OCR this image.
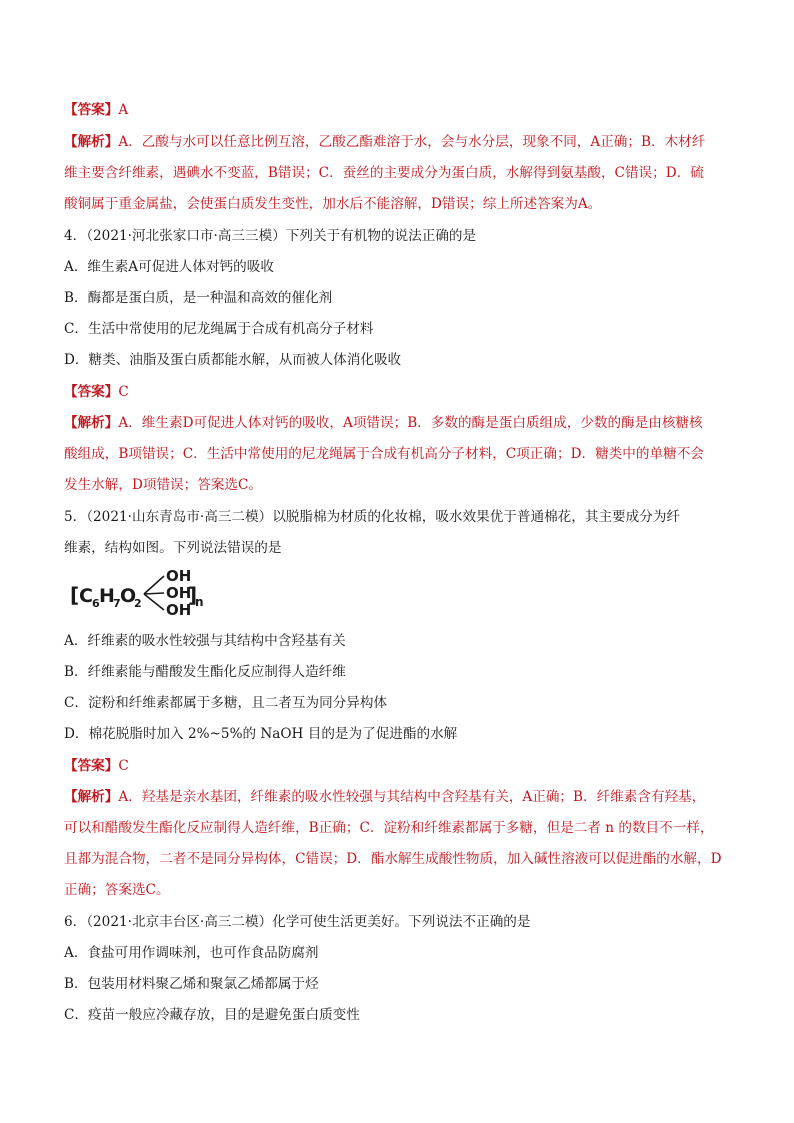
【答案】A
【解析】A．乙酸与水可以任意比例互溶，乙酸乙酯难溶于水，会与水分层，现象不同，A正确；B．木材纤
维主要含纤维素，遇碘水不变蓝，B错误；C．蚕丝的主要成分为蛋白质，水解得到氨基酸，C错误；D．硫
酸铜属于重金属盐，会使蛋白质发生变性，加水后不能溶解，D错误；综上所述答案为A。
4．（2021·河北张家口市·高三三模）下列关于有机物的说法正确的是
A．维生素A可促进人体对钙的吸收
B．酶都是蛋白质，是一种温和高效的催化剂
C．生活中常使用的尼龙绳属于合成有机高分子材料
D．糖类、油脂及蛋白质都能水解，从而被人体消化吸收
【答案】C
【解析】A．维生素D可促进人体对钙的吸收，A项错误；B．多数的酶是蛋白质组成，少数的酶是由核糖核
酸组成，B项错误；C．生活中常使用的尼龙绳属于合成有机高分子材料，C项正确；D．糖类中的单糖不会
发生水解，D项错误；答案选C。
5．（2021·山东青岛市·高三二模）以脱脂棉为材质的化妆棉，吸水效果优于普通棉花，其主要成分为纤
维素，结构如图。下列说法错误的是
[ C 6 H
7 O
2
OH
OH
OH
]
n
A．纤维素的吸水性较强与其结构中含羟基有关
B．纤维素能与醋酸发生酯化反应制得人造纤维
C．淀粉和纤维素都属于多糖，且二者互为同分异构体
D．棉花脱脂时加入 2%~5%的 NaOH 目的是为了促进酯的水解
【答案】C
【解析】A．羟基是亲水基团，纤维素的吸水性较强与其结构中含羟基有关，A正确；B．纤维素含有羟基，
可以和醋酸发生酯化反应制得人造纤维，B正确；C．淀粉和纤维素都属于多糖，但是二者 n 的数目不一样，
且都为混合物，二者不是同分异构体，C错误；D．酯水解生成酸性物质，加入碱性溶液可以促进酯的水解，D
正确；答案选C。
6．（2021·北京丰台区·高三二模）化学可使生活更美好。下列说法不正确的是
A．食盐可用作调味剂，也可作食品防腐剂
B．包装用材料聚乙烯和聚氯乙烯都属于烃
C．疫苗一般应冷藏存放，目的是避免蛋白质变性
